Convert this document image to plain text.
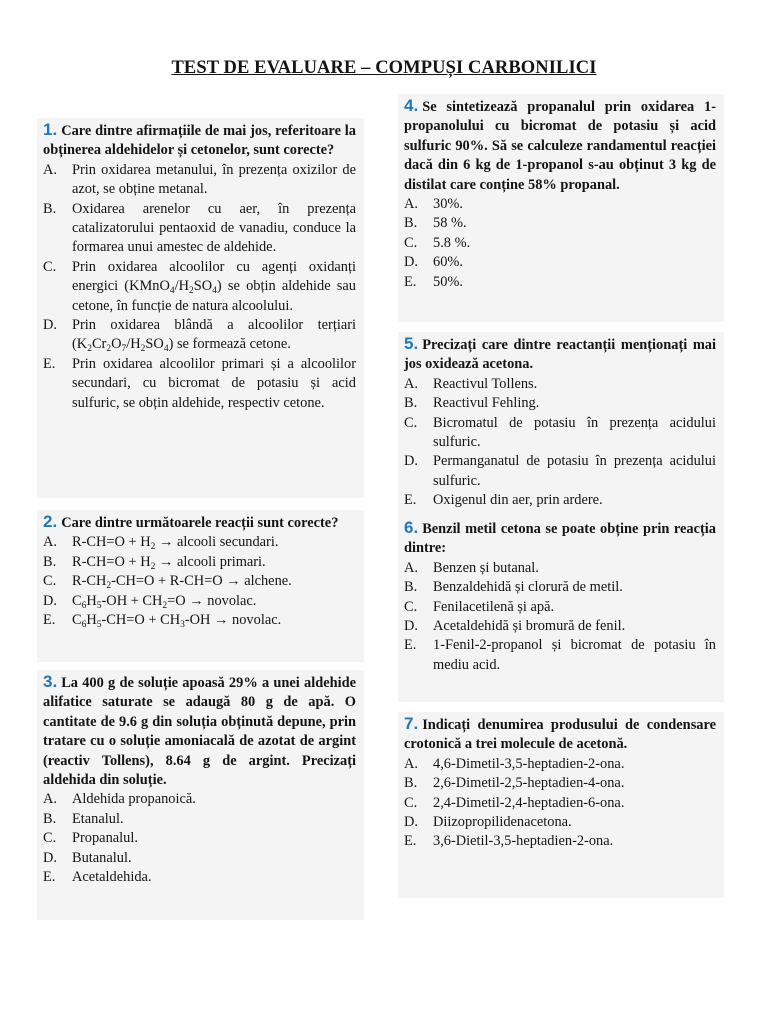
TEST DE EVALUARE – COMPUȘI CARBONILICI
1. Care dintre afirmațiile de mai jos, referitoare la obținerea aldehidelor și cetonelor, sunt corecte?
A.	Prin oxidarea metanului, în prezența oxizilor de azot, se obține metanal.
B.	Oxidarea arenelor cu aer, în prezența catalizatorului pentaoxid de vanadiu, conduce la formarea unui amestec de aldehide.
C.	Prin oxidarea alcoolilor cu agenți oxidanți energici $(KMnO_4/H_2SO_4)$ se obțin aldehide sau cetone, în funcție de natura alcoolului.
D.	Prin oxidarea blândă a alcoolilor terțiari $(K_2Cr_2O_7/H_2SO_4)$ se formează cetone.
E.	Prin oxidarea alcoolilor primari și a alcoolilor secundari, cu bicromat de potasiu și acid sulfuric, se obțin aldehide, respectiv cetone.
2. Care dintre următoarele reacții sunt corecte?
A.	$R-CH=O + H_2$ → alcooli secundari.
B.	$R-CH=O + H_2$ → alcooli primari.
C.	$R-CH_2-CH=O + R-CH=O$ → alchene.
D.	$C_6H_5-OH + CH_2=O$ → novolac.
E.	$C_6H_5-CH=O + CH_3-OH$ → novolac.
3. La 400 g de soluție apoasă 29% a unei aldehide alifatice saturate se adaugă 80 g de apă. O cantitate de 9.6 g din soluția obținută depune, prin tratare cu o soluție amoniacală de azotat de argint (reactiv Tollens), 8.64 g de argint. Precizați aldehida din soluție.
A.	Aldehida propanoică.
B.	Etanalul.
C.	Propanalul.
D.	Butanalul.
E.	Acetaldehida.
4. Se sintetizează propanalul prin oxidarea 1-propanolului cu bicromat de potasiu și acid sulfuric 90%. Să se calculeze randamentul reacției dacă din 6 kg de 1-propanol s-au obținut 3 kg de distilat care conține 58% propanal.
A.	30%.
B.	58 %.
C.	5.8 %.
D.	60%.
E.	50%.
5. Precizați care dintre reactanții menționați mai jos oxidează acetona.
A.	Reactivul Tollens.
B.	Reactivul Fehling.
C.	Bicromatul de potasiu în prezența acidului sulfuric.
D.	Permanganatul de potasiu în prezența acidului sulfuric.
E.	Oxigenul din aer, prin ardere.
6. Benzil metil cetona se poate obține prin reacția dintre:
A.	Benzen și butanal.
B.	Benzaldehidă și clorură de metil.
C.	Fenilacetilenă și apă.
D.	Acetaldehidă și bromură de fenil.
E.	1-Fenil-2-propanol și bicromat de potasiu în mediu acid.
7. Indicați denumirea produsului de condensare crotonică a trei molecule de acetonă.
A.	4,6-Dimetil-3,5-heptadien-2-ona.
B.	2,6-Dimetil-2,5-heptadien-4-ona.
C.	2,4-Dimetil-2,4-heptadien-6-ona.
D.	Diizopropilidenacetona.
E.	3,6-Dietil-3,5-heptadien-2-ona.
